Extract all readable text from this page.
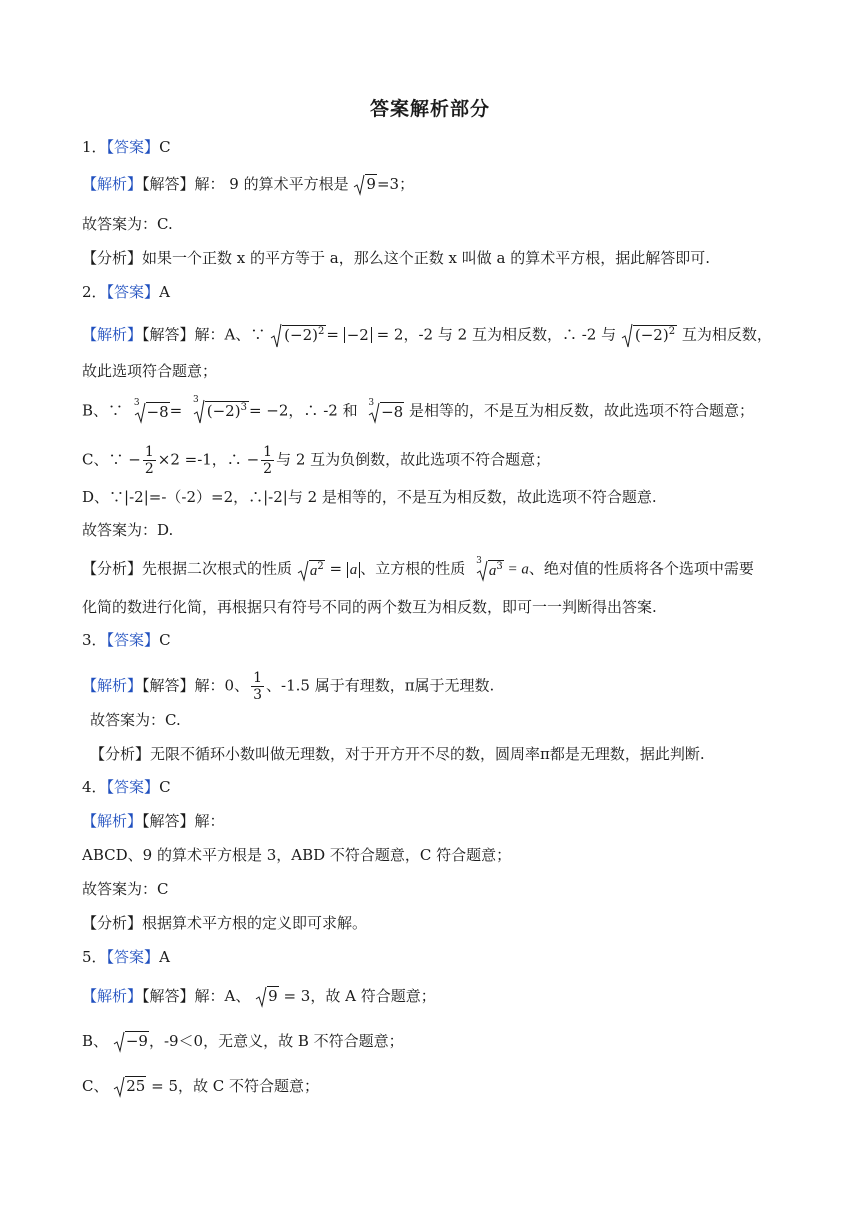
答案解析部分
1．【答案】C
【解析】【解答】解： 9 的算术平方根是 9=3；
故答案为：C.
【分析】如果一个正数 x 的平方等于 a，那么这个正数 x 叫做 a 的算术平方根，据此解答即可.
2．【答案】A
【解析】【解答】解：A、∵ $(-2)^2 = -2 = 2$，-2 与 2 互为相反数，∴ -2 与 $(-2)^2$ 互为相反数，
故此选项符合题意；
B、∵ $^3 -8= ^3(-2)^3 = -2$，∴ -2 和 $^3$ −8 是相等的，不是互为相反数，故此选项不符合题意；
C、∵ − $\frac{1}{2} \times 2 =-1$，∴ − $\frac{1}{2}$ 与 2 互为负倒数，故此选项不符合题意；
D、∵|-2|=-（-2）=2，∴|-2|与 2 是相等的，不是互为相反数，故此选项不符合题意.
故答案为：D.
【分析】先根据二次根式的性质 $a^2 = a$ 、立方根的性质 $^3a^3 = a$、绝对值的性质将各个选项中需要
化简的数进行化简，再根据只有符号不同的两个数互为相反数，即可一一判断得出答案.
3．【答案】C
【解析】【解答】解：0、 $\frac{1}{3}$ 、-1.5 属于有理数，π属于无理数.
故答案为：C.
【分析】无限不循环小数叫做无理数，对于开方开不尽的数，圆周率π都是无理数，据此判断.
4．【答案】C
【解析】【解答】解：
ABCD、9 的算术平方根是 3，ABD 不符合题意，C 符合题意；
故答案为：C
【分析】根据算术平方根的定义即可求解。
5．【答案】A
【解析】【解答】解：A、 9 = 3，故 A 符合题意；
B、 −9，-9＜0，无意义，故 B 不符合题意；
C、 25 = 5，故 C 不符合题意；
